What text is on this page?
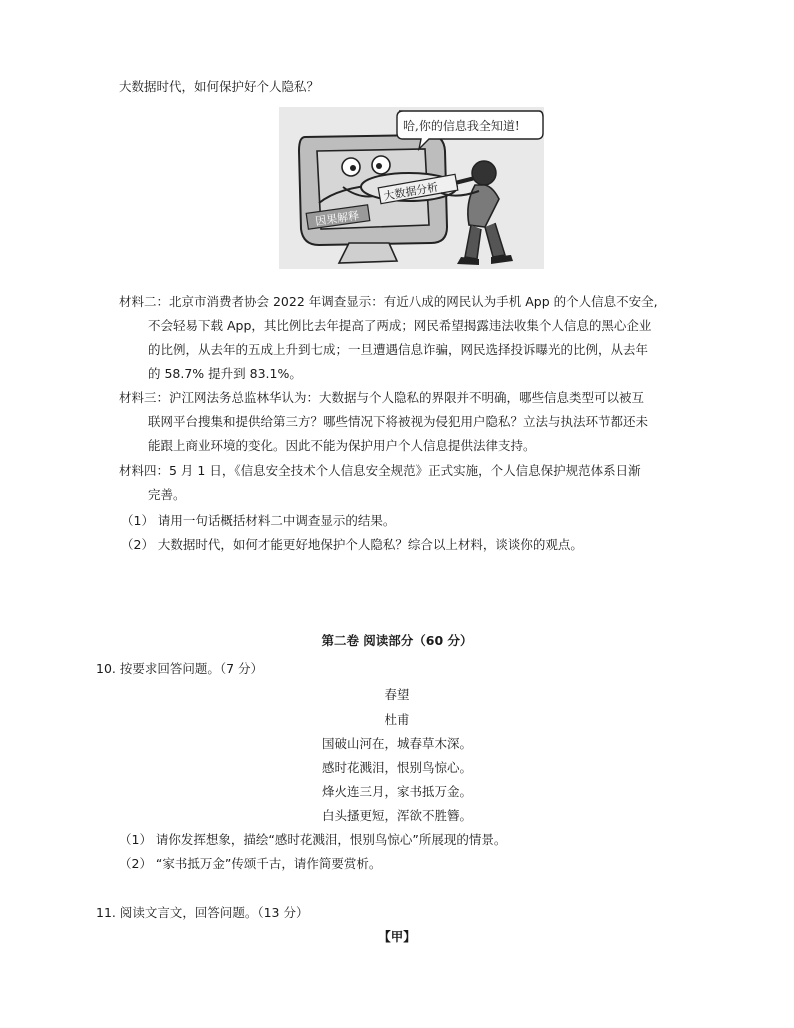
大数据时代，如何保护好个人隐私？
因果解释
大数据分析
哈,你的信息我全知道!
材料二：北京市消费者协会 2022 年调查显示：有近八成的网民认为手机 App 的个人信息不安全,
不会轻易下载 App，其比例比去年提高了两成；网民希望揭露违法收集个人信息的黑心企业
的比例，从去年的五成上升到七成；一旦遭遇信息诈骗，网民选择投诉曝光的比例，从去年
的 58.7% 提升到 83.1%。
材料三：沪江网法务总监林华认为：大数据与个人隐私的界限并不明确，哪些信息类型可以被互
联网平台搜集和提供给第三方？哪些情况下将被视为侵犯用户隐私？立法与执法环节都还未
能跟上商业环境的变化。因此不能为保护用户个人信息提供法律支持。
材料四：5 月 1 日，《信息安全技术个人信息安全规范》正式实施，个人信息保护规范体系日渐
完善。
（1） 请用一句话概括材料二中调查显示的结果。
（2） 大数据时代，如何才能更好地保护个人隐私？综合以上材料，谈谈你的观点。
第二卷 阅读部分（60 分）
10. 按要求回答问题。（7 分）
春望
杜甫
国破山河在，城春草木深。
感时花溅泪，恨别鸟惊心。
烽火连三月，家书抵万金。
白头搔更短，浑欲不胜簪。
（1） 请你发挥想象，描绘“感时花溅泪，恨别鸟惊心”所展现的情景。
（2） “家书抵万金”传颂千古，请作简要赏析。
11. 阅读文言文，回答问题。（13 分）
【甲】
